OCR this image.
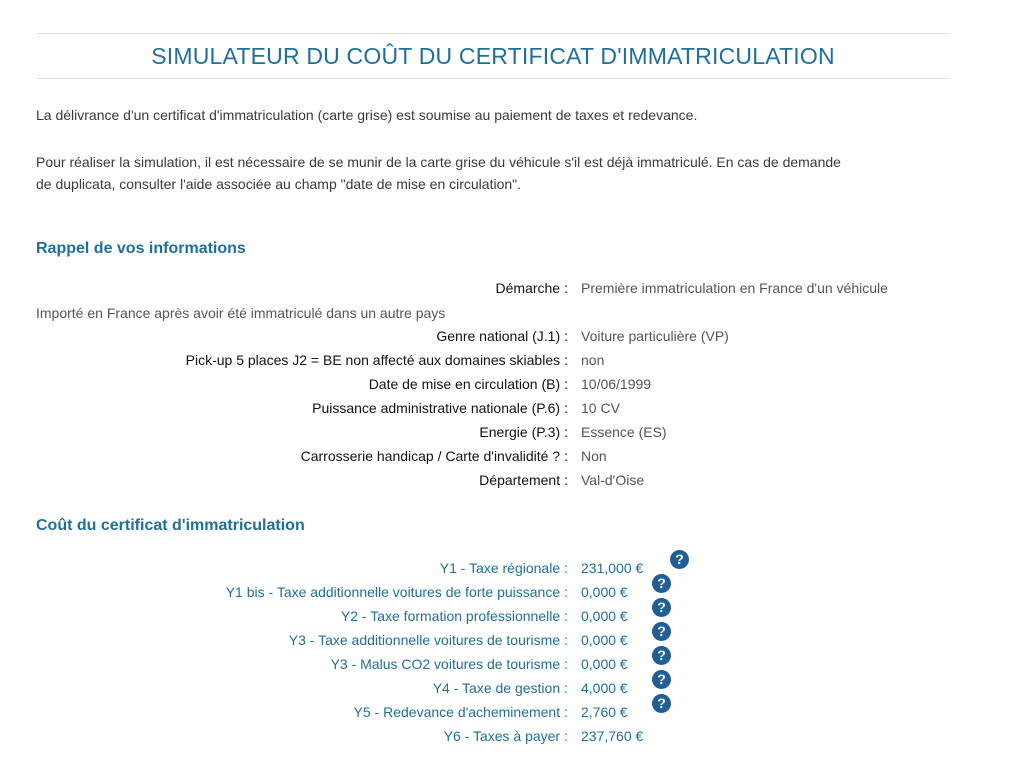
SIMULATEUR DU COÛT DU CERTIFICAT D'IMMATRICULATION
La délivrance d'un certificat d'immatriculation (carte grise) est soumise au paiement de taxes et redevance.
Pour réaliser la simulation, il est nécessaire de se munir de la carte grise du véhicule s'il est déjà immatriculé. En cas de demande
de duplicata, consulter l'aide associée au champ "date de mise en circulation".
Rappel de vos informations
Démarche : Première immatriculation en France d'un véhicule
Importé en France après avoir été immatriculé dans un autre pays
Genre national (J.1) : Voiture particulière (VP)
Pick-up 5 places J2 = BE non affecté aux domaines skiables : non
Date de mise en circulation (B) : 10/06/1999
Puissance administrative nationale (P.6) : 10 CV
Energie (P.3) : Essence (ES)
Carrosserie handicap / Carte d'invalidité ? : Non
Département : Val-d'Oise
Coût du certificat d'immatriculation
Y1 - Taxe régionale : 231,000 €
?
Y1 bis - Taxe additionnelle voitures de forte puissance : 0,000 €
?
Y2 - Taxe formation professionnelle : 0,000 €
?
Y3 - Taxe additionnelle voitures de tourisme : 0,000 €
?
Y3 - Malus CO2 voitures de tourisme : 0,000 €
?
Y4 - Taxe de gestion : 4,000 €
?
Y5 - Redevance d'acheminement : 2,760 €
?
Y6 - Taxes à payer : 237,760 €
